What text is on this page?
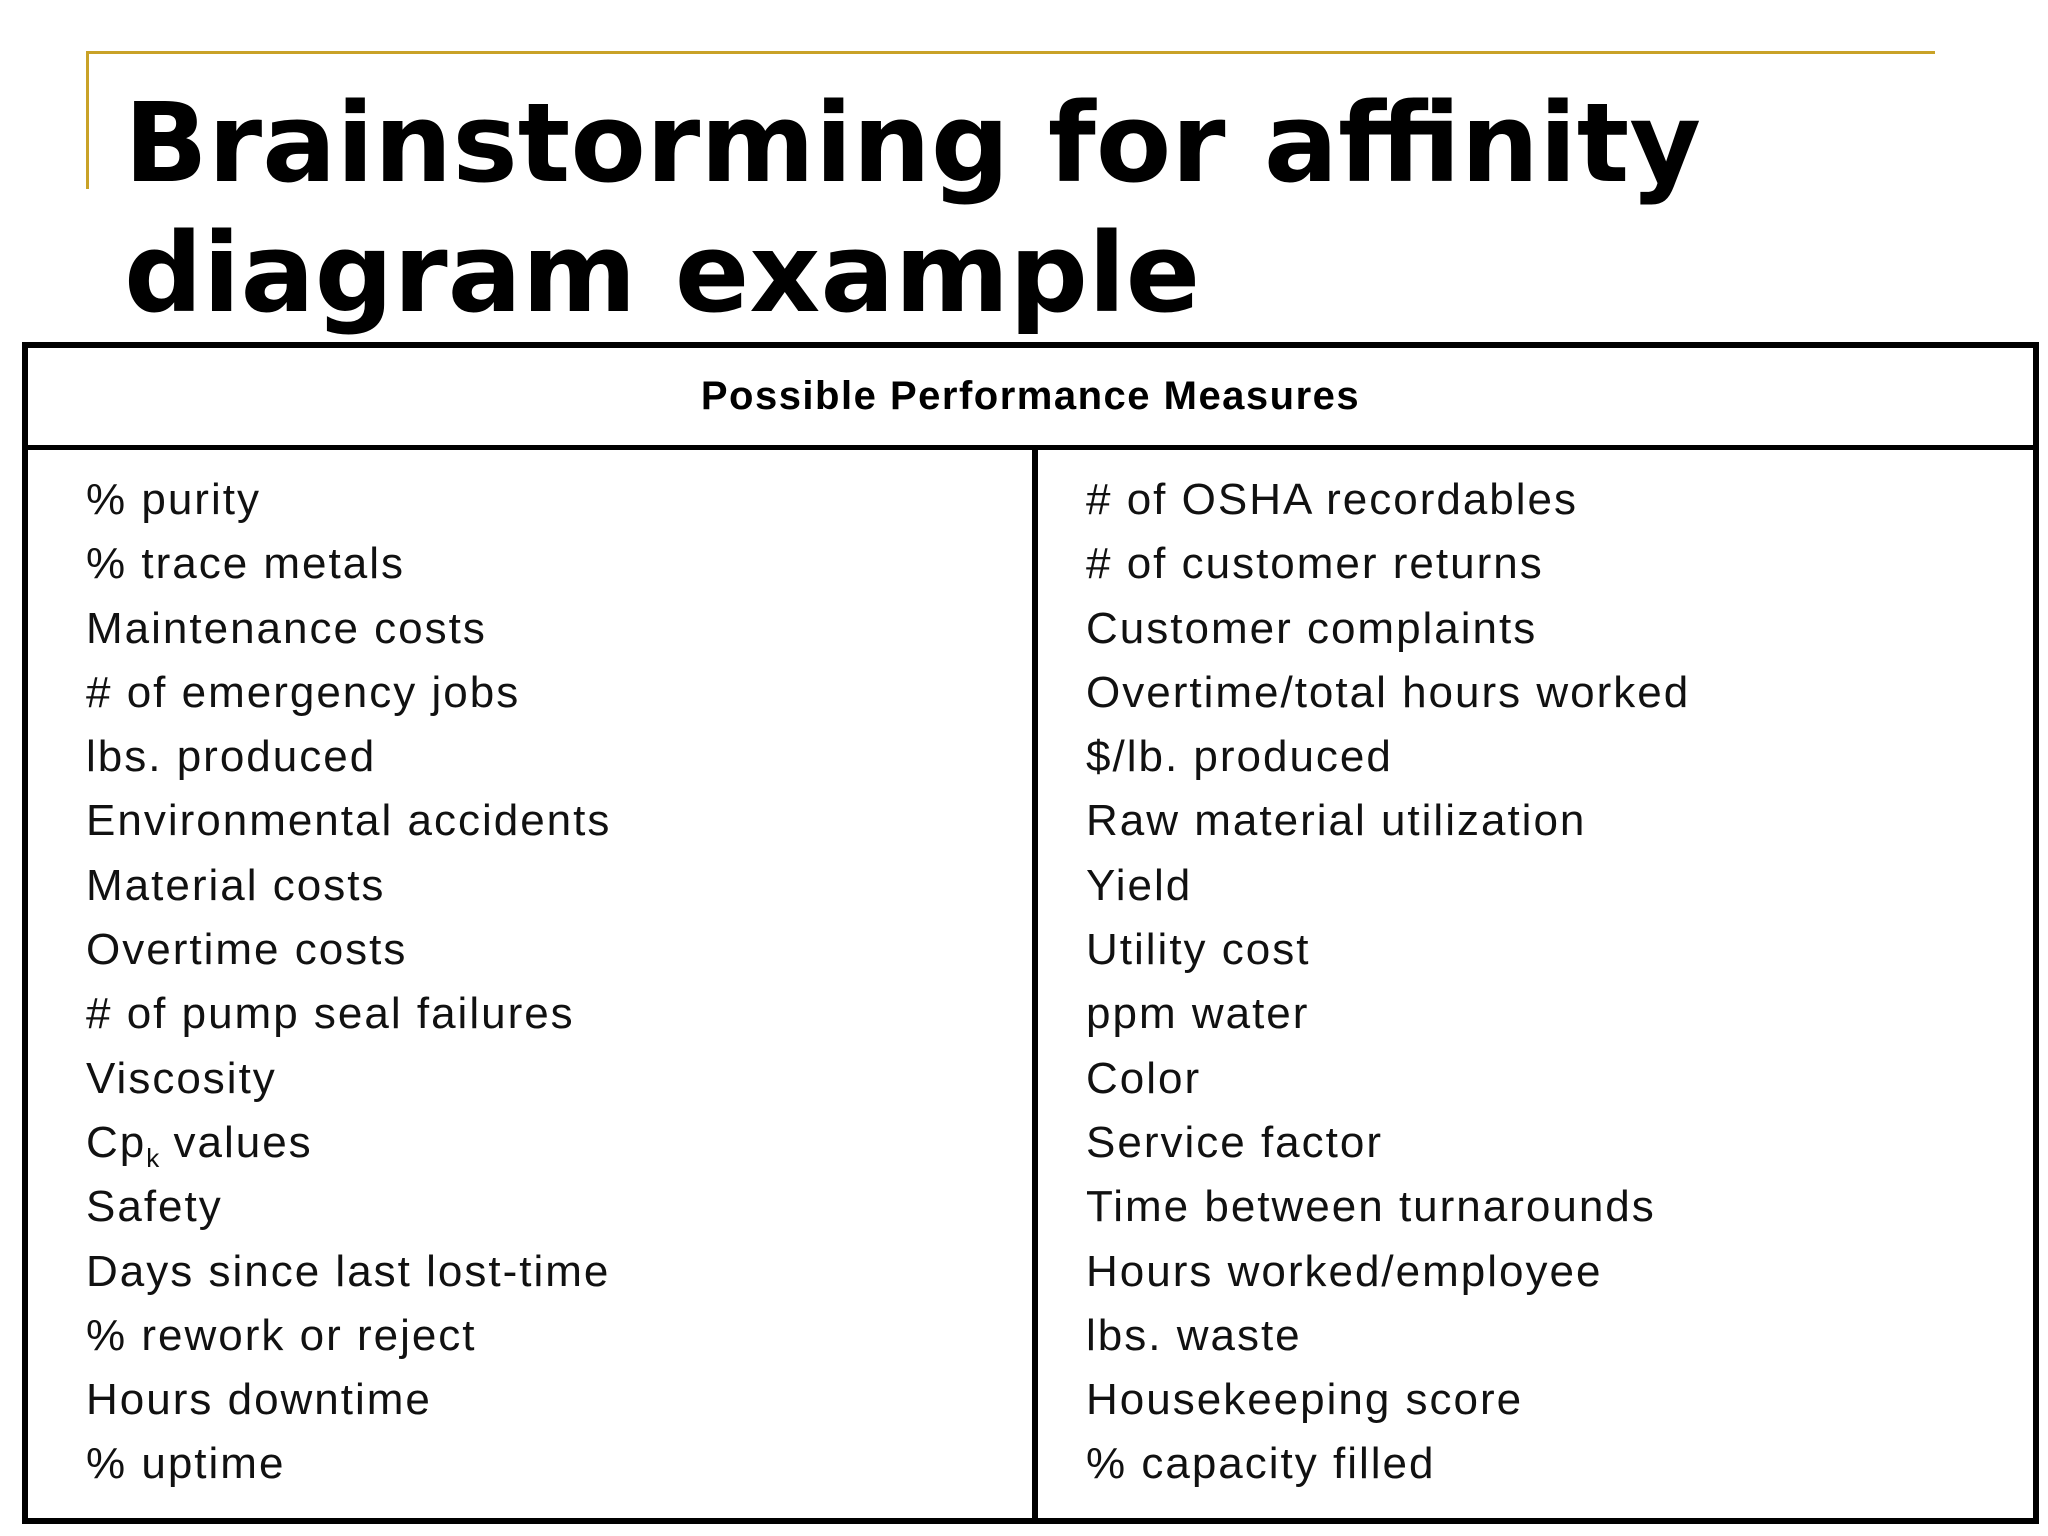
Brainstorming for affinity diagram example
Possible Performance Measures
% purity
% trace metals
Maintenance costs
# of emergency jobs
lbs. produced
Environmental accidents
Material costs
Overtime costs
# of pump seal failures
Viscosity
$Cp_k$ values
Safety
Days since last lost-time
% rework or reject
Hours downtime
% uptime
# of OSHA recordables
# of customer returns
Customer complaints
Overtime/total hours worked
$/lb. produced
Raw material utilization
Yield
Utility cost
ppm water
Color
Service factor
Time between turnarounds
Hours worked/employee
lbs. waste
Housekeeping score
% capacity filled
